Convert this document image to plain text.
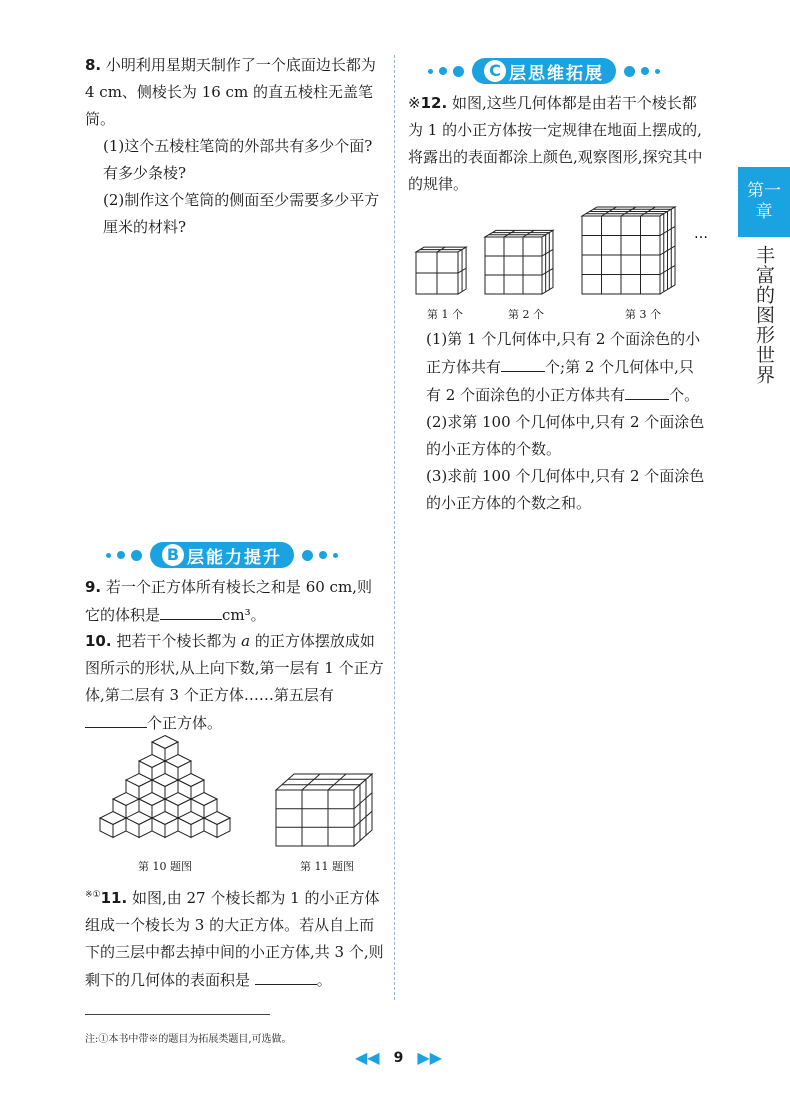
8. 小明利用星期天制作了一个底面边长都为 4 cm、侧棱长为 16 cm 的直五棱柱无盖笔筒。

(1)这个五棱柱笔筒的外部共有多少个面?有多少条棱?

(2)制作这个笔筒的侧面至少需要多少平方厘米的材料?

B 层能力提升

9. 若一个正方体所有棱长之和是 60 cm,则它的体积是	cm³。

10. 把若干个棱长都为 a 的正方体摆放成如图所示的形状,从上向下数,第一层有 1 个正方体,第二层有 3 个正方体……第五层有个正方体。

第 10 题图	第 11 题图

※①11. 如图,由 27 个棱长都为 1 的小正方体组成一个棱长为 3 的大正方体。若从自上而下的三层中都去掉中间的小正方体,共 3 个,则剩下的几何体的表面积是	。

C 层思维拓展

※12. 如图,这些几何体都是由若干个棱长都为 1 的小正方体按一定规律在地面上摆成的,将露出的表面都涂上颜色,观察图形,探究其中的规律。

…
第 1 个	第 2 个	第 3 个

(1)第 1 个几何体中,只有 2 个面涂色的小正方体共有	个;第 2 个几何体中,只有 2 个面涂色的小正方体共有	个。

(2)求第 100 个几何体中,只有 2 个面涂色的小正方体的个数。

(3)求前 100 个几何体中,只有 2 个面涂色的小正方体的个数之和。

第一
章
丰富的图形世界
注:①本书中带※的题目为拓展类题目,可选做。
◀◀ 9 ▶▶
